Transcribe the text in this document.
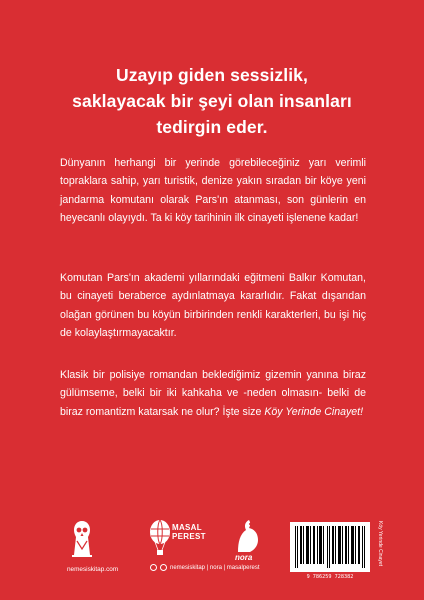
Uzayıp giden sessizlik,
saklayacak bir şeyi olan insanları
tedirgin eder.
Dünyanın herhangi bir yerinde görebileceğiniz yarı verimli topraklara sahip, yarı turistik, denize yakın sıradan bir köye yeni jandarma komutanı olarak Pars'ın atanması, son günlerin en heyecanlı olayıydı. Ta ki köy tarihinin ilk cinayeti işlenene kadar!
Komutan Pars'ın akademi yıllarındaki eğitmeni Balkır Komutan, bu cinayeti beraberce aydınlatmaya kararlıdır. Fakat dışarıdan olağan görünen bu köyün birbirinden renkli karakterleri, bu işi hiç de kolaylaştırmayacaktır.
Klasik bir polisiye romandan beklediğimiz gizemin yanına biraz gülümseme, belki bir iki kahkaha ve -neden olmasın- belki de biraz romantizm katarsak ne olur? İşte size Köy Yerinde Cinayet!
MASAL
PEREST
nora
9 786259 728382
Köy Yerinde Cinayet
nemesiskitap.com	nemesiskitap | nora | masalperest
